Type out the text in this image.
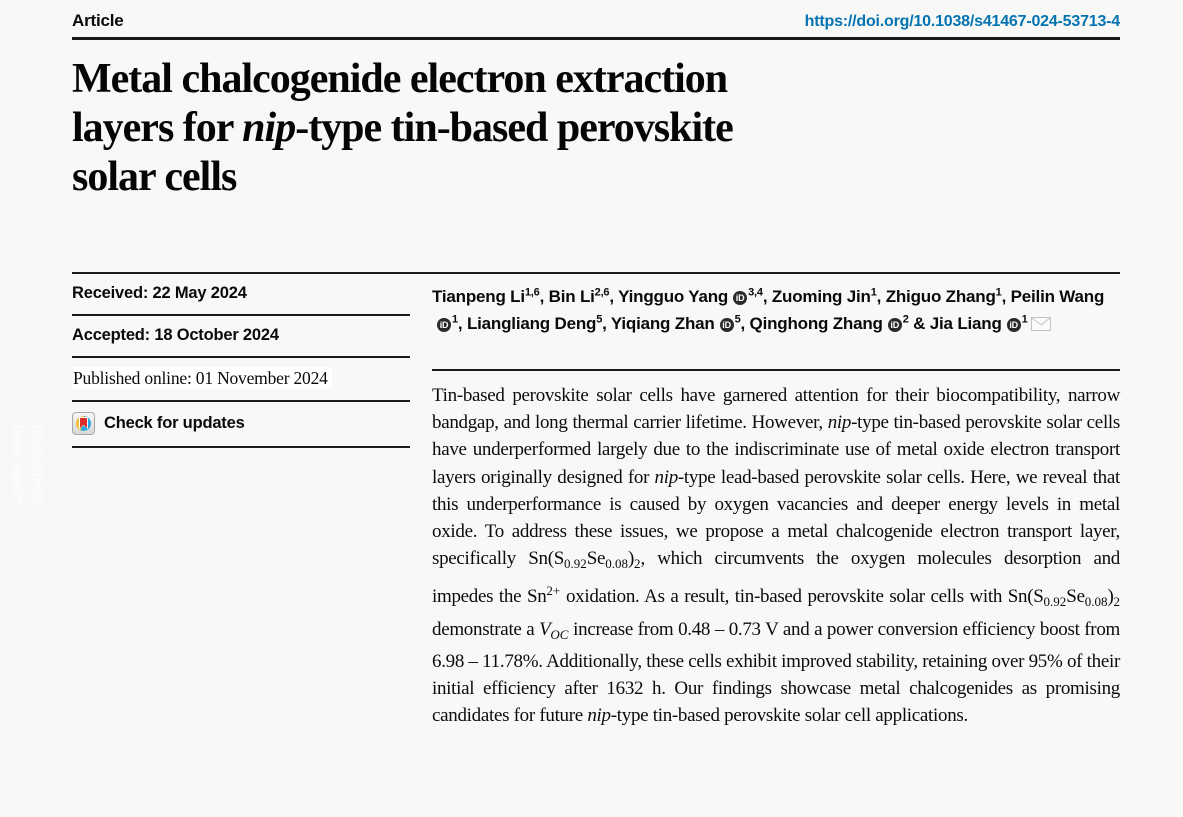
1234567890():,; 1234567890():,;
Article	https://doi.org/10.1038/s41467-024-53713-4
Metal chalcogenide electron extraction
layers for nip-type tin-based perovskite
solar cells
Received: 22 May 2024
Accepted: 18 October 2024
Published online: 01 November 2024
Check for updates
Tianpeng Li$^{1,6}$, Bin Li$^{2,6}$, Yingguo Yang iD $^{3,4}$, Zuoming Jin$^1$, Zhiguo Zhang$^1$, Peilin WangiD $^1$, Liangliang Deng$^5$, Yiqiang Zhan iD $^5$, Qinghong Zhang iD $^2$ & Jia Liang iD $^1$
Tin-based perovskite solar cells have garnered attention for their biocompatibility, narrow bandgap, and long thermal carrier lifetime. However, nip-type tin-based perovskite solar cells have underperformed largely due to the indiscriminate use of metal oxide electron transport layers originally designed for nip-type lead-based perovskite solar cells. Here, we reveal that this underperformance is caused by oxygen vacancies and deeper energy levels in metal oxide. To address these issues, we propose a metal chalcogenide electron transport layer, specifically $Sn(S_{0.92}Se_{0.08})_2$, which circumvents the oxygen molecules desorption and impedes the $Sn^{2+}$ oxidation. As a result, tin-based perovskite solar cells with $Sn(S_{0.92}Se_{0.08})_2$ demonstrate a $V_{OC}$ increase from 0.48 – 0.73 V and a power conversion efficiency boost from 6.98 – 11.78%. Additionally, these cells exhibit improved stability, retaining over 95% of their initial efficiency after 1632 h. Our findings showcase metal chalcogenides as promising candidates for future nip-type tin-based perovskite solar cell applications.
